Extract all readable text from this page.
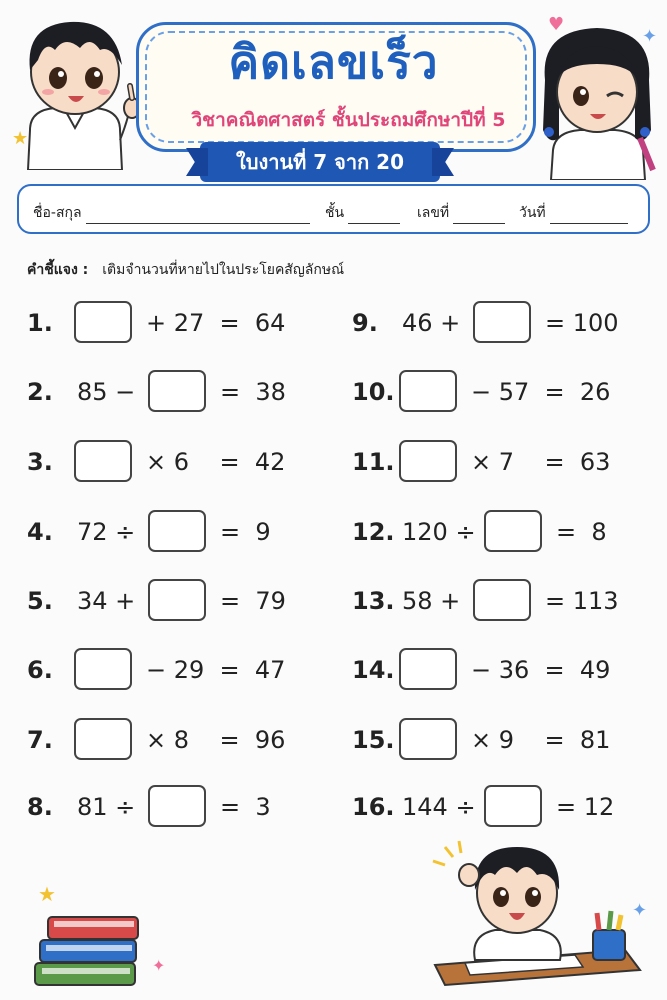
★
♥
✦
คิดเลขเร็ว
วิชาคณิตศาสตร์ ชั้นประถมศึกษาปีที่ 5
ใบงานที่ 7 จาก 20
ชื่อ-สกุล	ชั้น	เลขที่	วันที่
คำชี้แจง : เติมจำนวนที่หายไปในประโยคสัญลักษณ์
1.	+ 27  =  64
2. 85 −	=  38
3.	× 6    =  42
4. 72 ÷	=  9
5. 34 +	=  79
6.	− 29  =  47
7.	× 8    =  96
8. 81 ÷	=  3
9. 46 +	= 100
10.	− 57  =  26
11.	× 7    =  63
12. 120 ÷	=  8
13. 58 +	= 113
14.	− 36  =  49
15.	× 9    =  81
16. 144 ÷	= 12
★
✦
✦
